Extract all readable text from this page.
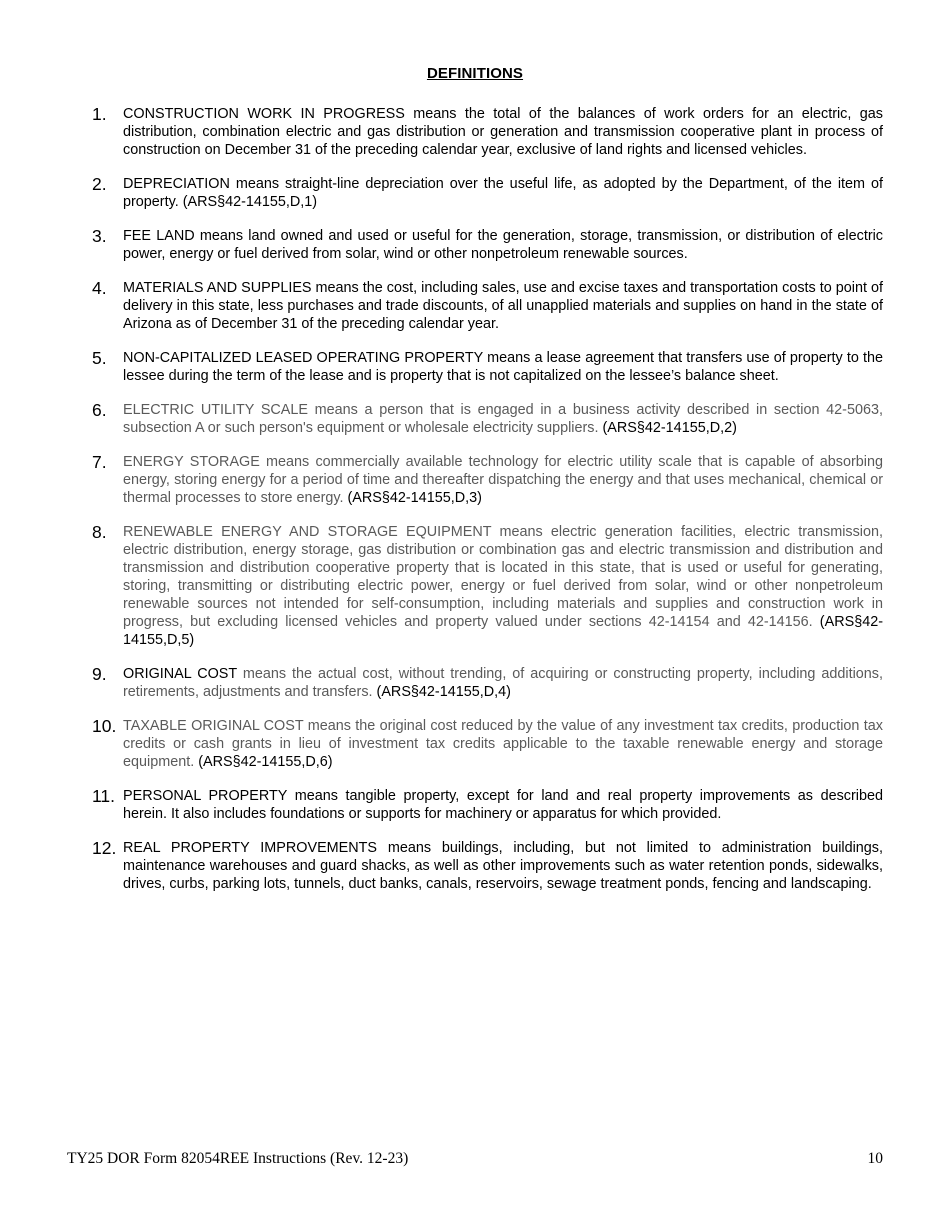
DEFINITIONS
1.	CONSTRUCTION WORK IN PROGRESS means the total of the balances of work orders for an electric, gas distribution, combination electric and gas distribution or generation and transmission cooperative plant in process of construction on December 31 of the preceding calendar year, exclusive of land rights and licensed vehicles.
2.	DEPRECIATION means straight-line depreciation over the useful life, as adopted by the Department, of the item of property. (ARS§42-14155,D,1)
3.	FEE LAND means land owned and used or useful for the generation, storage, transmission, or distribution of electric power, energy or fuel derived from solar, wind or other nonpetroleum renewable sources.
4.	MATERIALS AND SUPPLIES means the cost, including sales, use and excise taxes and transportation costs to point of delivery in this state, less purchases and trade discounts, of all unapplied materials and supplies on hand in the state of Arizona as of December 31 of the preceding calendar year.
5.	NON-CAPITALIZED LEASED OPERATING PROPERTY means a lease agreement that transfers use of property to the lessee during the term of the lease and is property that is not capitalized on the lessee’s balance sheet.
6.	ELECTRIC UTILITY SCALE means a person that is engaged in a business activity described in section 42-5063, subsection A or such person's equipment or wholesale electricity suppliers. (ARS§42-14155,D,2)
7.	ENERGY STORAGE means commercially available technology for electric utility scale that is capable of absorbing energy, storing energy for a period of time and thereafter dispatching the energy and that uses mechanical, chemical or thermal processes to store energy. (ARS§42-14155,D,3)
8.	RENEWABLE ENERGY AND STORAGE EQUIPMENT means electric generation facilities, electric transmission, electric distribution, energy storage, gas distribution or combination gas and electric transmission and distribution and transmission and distribution cooperative property that is located in this state, that is used or useful for generating, storing, transmitting or distributing electric power, energy or fuel derived from solar, wind or other nonpetroleum renewable sources not intended for self-consumption, including materials and supplies and construction work in progress, but excluding licensed vehicles and property valued under sections 42-14154 and 42-14156. (ARS§42-14155,D,5)
9.	ORIGINAL COST means the actual cost, without trending, of acquiring or constructing property, including additions, retirements, adjustments and transfers. (ARS§42-14155,D,4)
10. TAXABLE ORIGINAL COST means the original cost reduced by the value of any investment tax credits, production tax credits or cash grants in lieu of investment tax credits applicable to the taxable renewable energy and storage equipment. (ARS§42-14155,D,6)
11. PERSONAL PROPERTY means tangible property, except for land and real property improvements as described herein. It also includes foundations or supports for machinery or apparatus for which provided.
12. REAL PROPERTY IMPROVEMENTS means buildings, including, but not limited to administration buildings, maintenance warehouses and guard shacks, as well as other improvements such as water retention ponds, sidewalks, drives, curbs, parking lots, tunnels, duct banks, canals, reservoirs, sewage treatment ponds, fencing and landscaping.
TY25 DOR Form 82054REE Instructions (Rev. 12-23)	10
